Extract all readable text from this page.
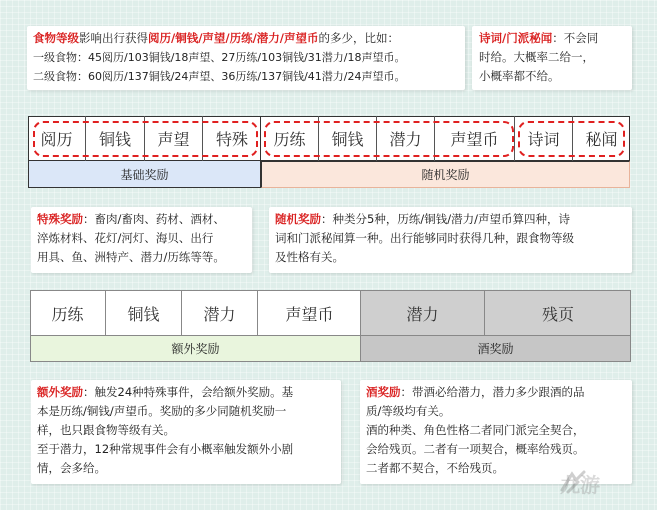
食物等级影响出行获得阅历/铜钱/声望/历练/潜力/声望币的多少，比如：
一级食物：45阅历/103铜钱/18声望、27历练/103铜钱/31潜力/18声望币。
二级食物：60阅历/137铜钱/24声望、36历练/137铜钱/41潜力/24声望币。
诗词/门派秘闻：不会同
时给。大概率二给一，
小概率都不给。
基础奖励	随机奖励
阅历	铜钱	声望	特殊	历练	铜钱	潜力	声望币	诗词	秘闻
特殊奖励：畜肉/畜肉、药材、酒材、
淬炼材料、花灯/河灯、海贝、出行
用具、鱼、洲特产、潜力/历练等等。
随机奖励：种类分5种，历练/铜钱/潜力/声望币算四种，诗
词和门派秘闻算一种。出行能够同时获得几种，跟食物等级
及性格有关。
额外奖励	酒奖励
历练	铜钱	潜力	声望币	潜力	残页
额外奖励：触发24种特殊事件，会给额外奖励。基
本是历练/铜钱/声望币。奖励的多少同随机奖励一
样，也只跟食物等级有关。
至于潜力，12种常规事件会有小概率触发额外小剧
情，会多给。
酒奖励：带酒必给潜力，潜力多少跟酒的品
质/等级均有关。
酒的种类、角色性格二者同门派完全契合，
会给残页。二者有一项契合，概率给残页。
二者都不契合，不给残页。
九游
